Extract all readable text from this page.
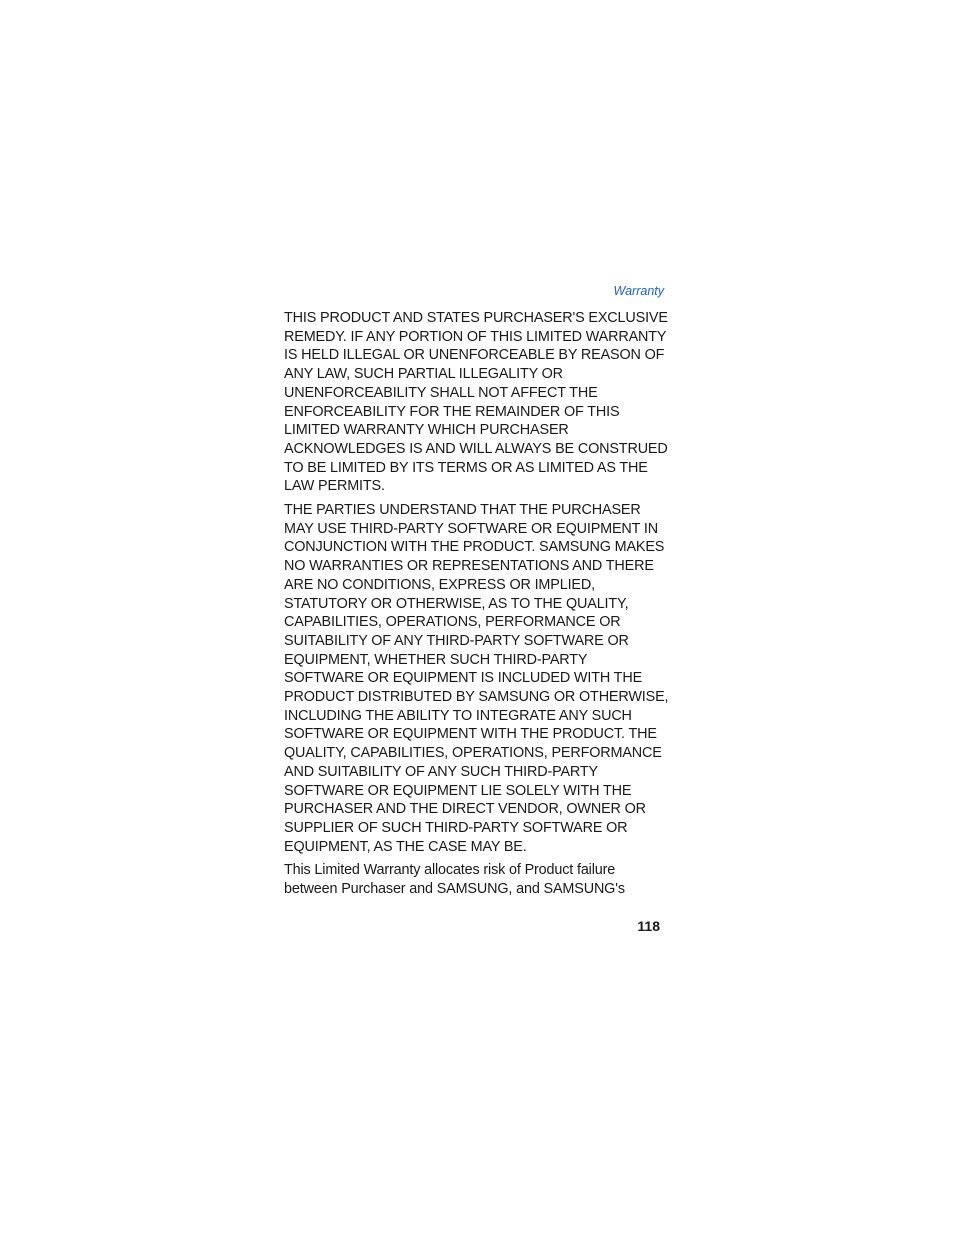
Warranty

THIS PRODUCT AND STATES PURCHASER'S EXCLUSIVE
REMEDY. IF ANY PORTION OF THIS LIMITED WARRANTY
IS HELD ILLEGAL OR UNENFORCEABLE BY REASON OF
ANY LAW, SUCH PARTIAL ILLEGALITY OR
UNENFORCEABILITY SHALL NOT AFFECT THE
ENFORCEABILITY FOR THE REMAINDER OF THIS
LIMITED WARRANTY WHICH PURCHASER
ACKNOWLEDGES IS AND WILL ALWAYS BE CONSTRUED
TO BE LIMITED BY ITS TERMS OR AS LIMITED AS THE
LAW PERMITS.

THE PARTIES UNDERSTAND THAT THE PURCHASER
MAY USE THIRD-PARTY SOFTWARE OR EQUIPMENT IN
CONJUNCTION WITH THE PRODUCT. SAMSUNG MAKES
NO WARRANTIES OR REPRESENTATIONS AND THERE
ARE NO CONDITIONS, EXPRESS OR IMPLIED,
STATUTORY OR OTHERWISE, AS TO THE QUALITY,
CAPABILITIES, OPERATIONS, PERFORMANCE OR
SUITABILITY OF ANY THIRD-PARTY SOFTWARE OR
EQUIPMENT, WHETHER SUCH THIRD-PARTY
SOFTWARE OR EQUIPMENT IS INCLUDED WITH THE
PRODUCT DISTRIBUTED BY SAMSUNG OR OTHERWISE,
INCLUDING THE ABILITY TO INTEGRATE ANY SUCH
SOFTWARE OR EQUIPMENT WITH THE PRODUCT. THE
QUALITY, CAPABILITIES, OPERATIONS, PERFORMANCE
AND SUITABILITY OF ANY SUCH THIRD-PARTY
SOFTWARE OR EQUIPMENT LIE SOLELY WITH THE
PURCHASER AND THE DIRECT VENDOR, OWNER OR
SUPPLIER OF SUCH THIRD-PARTY SOFTWARE OR
EQUIPMENT, AS THE CASE MAY BE.

This Limited Warranty allocates risk of Product failure
between Purchaser and SAMSUNG, and SAMSUNG's

118
